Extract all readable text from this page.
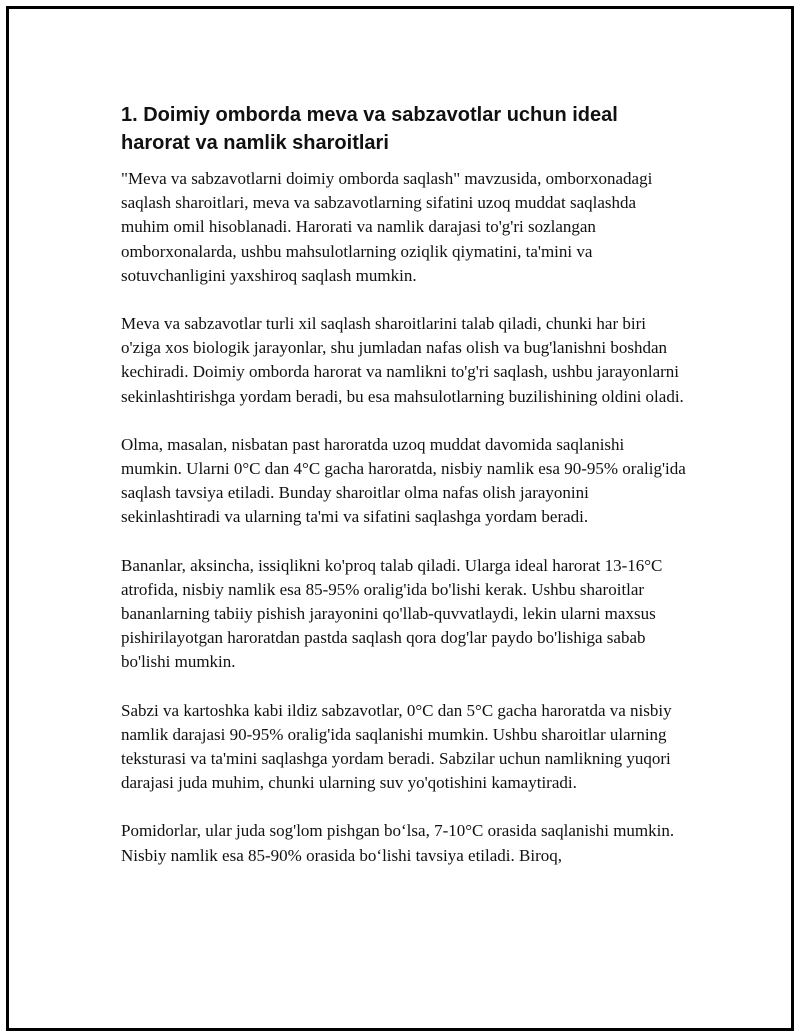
1. Doimiy omborda meva va sabzavotlar uchun ideal harorat va namlik sharoitlari

"Meva va sabzavotlarni doimiy omborda saqlash" mavzusida, omborxonadagi saqlash sharoitlari, meva va sabzavotlarning sifatini uzoq muddat saqlashda muhim omil hisoblanadi. Harorati va namlik darajasi to'g'ri sozlangan omborxonalarda, ushbu mahsulotlarning oziqlik qiymatini, ta'mini va sotuvchanligini yaxshiroq saqlash mumkin.

Meva va sabzavotlar turli xil saqlash sharoitlarini talab qiladi, chunki har biri o'ziga xos biologik jarayonlar, shu jumladan nafas olish va bug'lanishni boshdan kechiradi. Doimiy omborda harorat va namlikni to'g'ri saqlash, ushbu jarayonlarni sekinlashtirishga yordam beradi, bu esa mahsulotlarning buzilishining oldini oladi.

Olma, masalan, nisbatan past haroratda uzoq muddat davomida saqlanishi mumkin. Ularni 0°C dan 4°C gacha haroratda, nisbiy namlik esa 90-95% oralig'ida saqlash tavsiya etiladi. Bunday sharoitlar olma nafas olish jarayonini sekinlashtiradi va ularning ta'mi va sifatini saqlashga yordam beradi.

Bananlar, aksincha, issiqlikni ko'proq talab qiladi. Ularga ideal harorat 13-16°C atrofida, nisbiy namlik esa 85-95% oralig'ida bo'lishi kerak. Ushbu sharoitlar bananlarning tabiiy pishish jarayonini qo'llab-quvvatlaydi, lekin ularni maxsus pishirilayotgan haroratdan pastda saqlash qora dog'lar paydo bo'lishiga sabab bo'lishi mumkin.

Sabzi va kartoshka kabi ildiz sabzavotlar, 0°C dan 5°C gacha haroratda va nisbiy namlik darajasi 90-95% oralig'ida saqlanishi mumkin. Ushbu sharoitlar ularning teksturasi va ta'mini saqlashga yordam beradi. Sabzilar uchun namlikning yuqori darajasi juda muhim, chunki ularning suv yo'qotishini kamaytiradi.

Pomidorlar, ular juda sog'lom pishgan bo‘lsa, 7-10°C orasida saqlanishi mumkin. Nisbiy namlik esa 85-90% orasida bo‘lishi tavsiya etiladi. Biroq,
